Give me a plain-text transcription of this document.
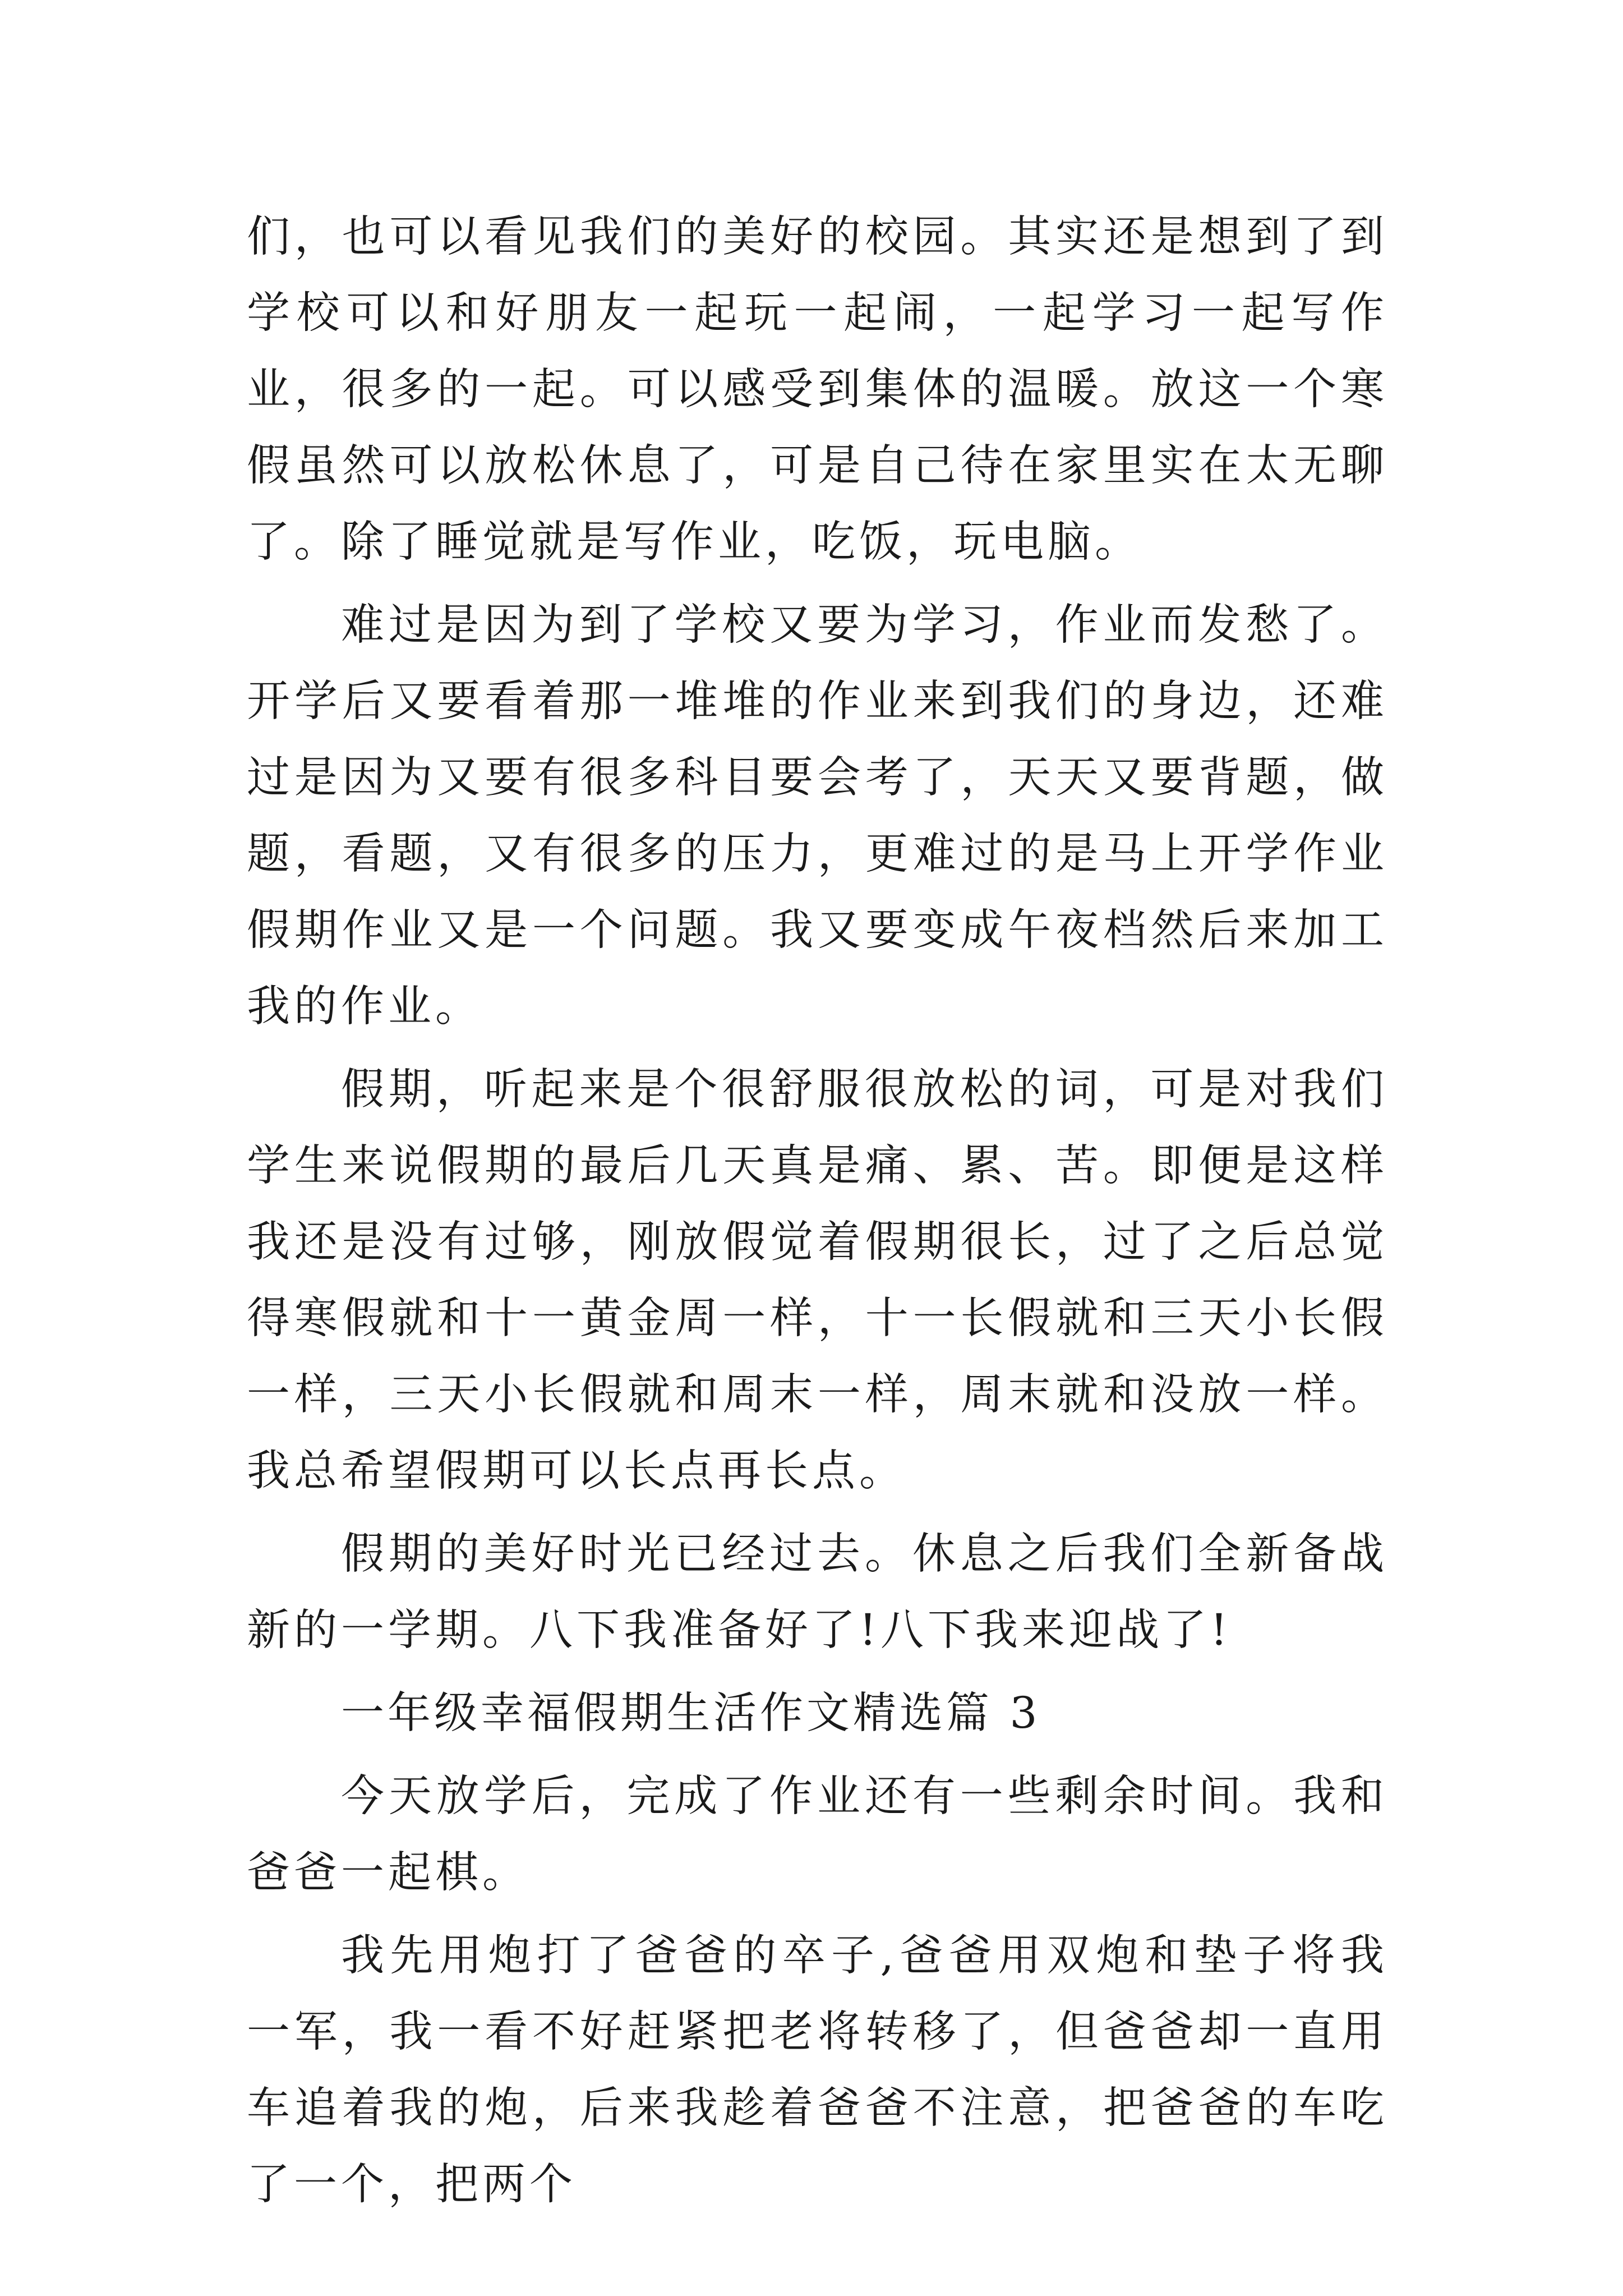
们，也可以看见我们的美好的校园。其实还是想到了到学校可以和好朋友一起玩一起闹，一起学习一起写作业，很多的一起。可以感受到集体的温暖。放这一个寒假虽然可以放松休息了，可是自己待在家里实在太无聊了。除了睡觉就是写作业，吃饭，玩电脑。

难过是因为到了学校又要为学习，作业而发愁了。开学后又要看着那一堆堆的作业来到我们的身边，还难过是因为又要有很多科目要会考了，天天又要背题，做题，看题，又有很多的压力，更难过的是马上开学作业假期作业又是一个问题。我又要变成午夜档然后来加工我的作业。

假期，听起来是个很舒服很放松的词，可是对我们学生来说假期的最后几天真是痛、累、苦。即便是这样我还是没有过够，刚放假觉着假期很长，过了之后总觉得寒假就和十一黄金周一样，十一长假就和三天小长假一样，三天小长假就和周末一样，周末就和没放一样。我总希望假期可以长点再长点。

假期的美好时光已经过去。休息之后我们全新备战新的一学期。八下我准备好了!八下我来迎战了!

一年级幸福假期生活作文精选篇 3

今天放学后，完成了作业还有一些剩余时间。我和爸爸一起棋。

我先用炮打了爸爸的卒子,爸爸用双炮和垫子将我一军，我一看不好赶紧把老将转移了，但爸爸却一直用车追着我的炮，后来我趁着爸爸不注意，把爸爸的车吃了一个，把两个
